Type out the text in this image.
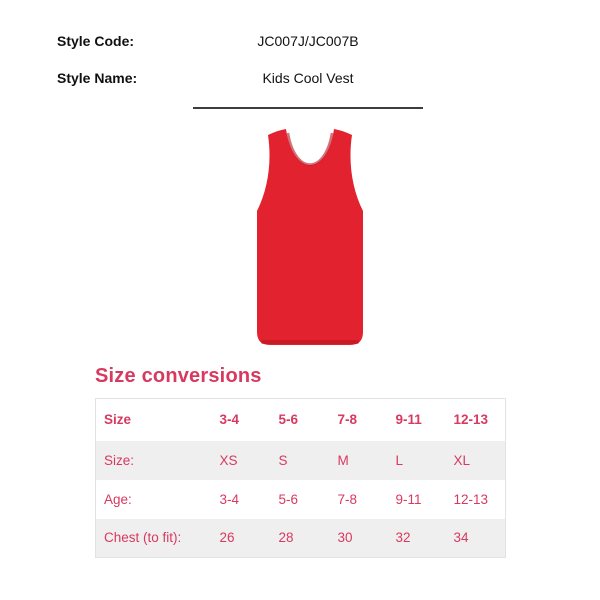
Style Code:	JC007J/JC007B
Style Name:	Kids Cool Vest
Size conversions
Size	3-4	5-6	7-8	9-11	12-13
Size:	XS	S	M	L	XL
Age:	3-4	5-6	7-8	9-11	12-13
Chest (to fit):	26	28	30	32	34
